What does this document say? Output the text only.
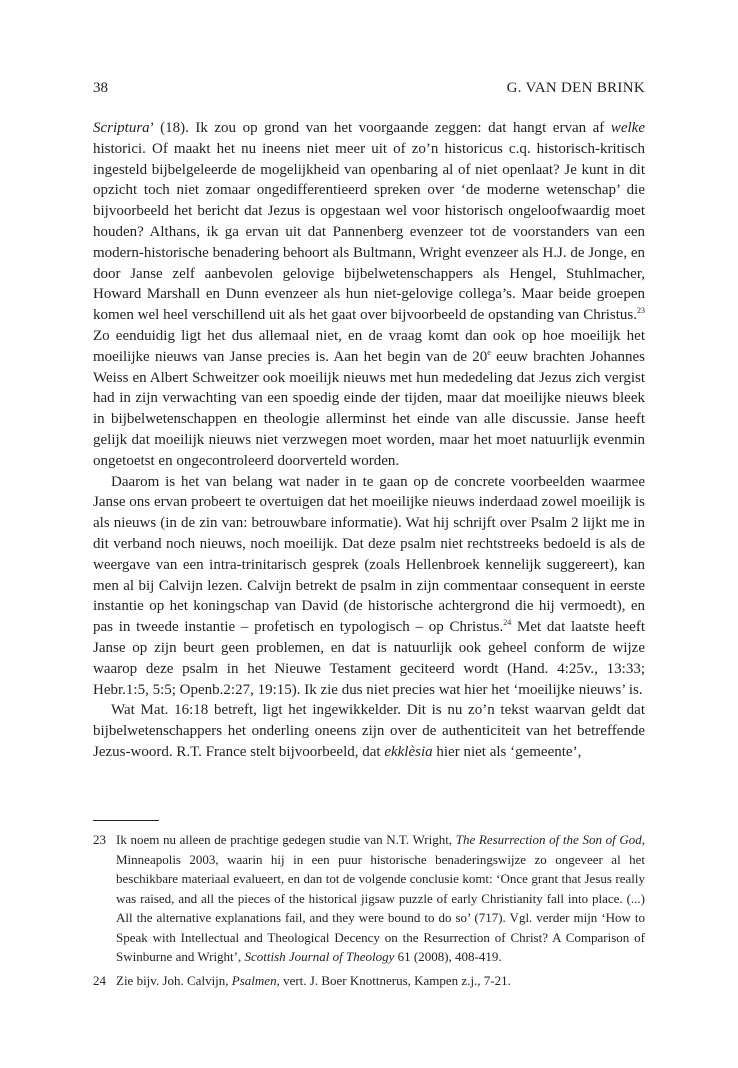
38	G. VAN DEN BRINK

Scriptura’ (18). Ik zou op grond van het voorgaande zeggen: dat hangt ervan af welke historici. Of maakt het nu ineens niet meer uit of zo’n historicus c.q. historisch-kritisch ingesteld bijbelgeleerde de mogelijkheid van openbaring al of niet openlaat? Je kunt in dit opzicht toch niet zomaar ongedifferentieerd spreken over ‘de moderne wetenschap’ die bijvoorbeeld het bericht dat Jezus is opgestaan wel voor historisch ongeloofwaardig moet houden? Althans, ik ga ervan uit dat Pannenberg evenzeer tot de voorstanders van een modern-historische benadering behoort als Bultmann, Wright evenzeer als H.J. de Jonge, en door Janse zelf aanbevolen gelovige bijbelwetenschappers als Hengel, Stuhlmacher, Howard Marshall en Dunn evenzeer als hun niet-gelovige collega’s. Maar beide groepen komen wel heel verschillend uit als het gaat over bijvoorbeeld de opstanding van Christus.$^{23}$ Zo eenduidig ligt het dus allemaal niet, en de vraag komt dan ook op hoe moeilijk het moeilijke nieuws van Janse precies is. Aan het begin van de 20e eeuw brachten Johannes Weiss en Albert Schweitzer ook moeilijk nieuws met hun mededeling dat Jezus zich vergist had in zijn verwachting van een spoedig einde der tijden, maar dat moeilijke nieuws bleek in bijbelwetenschappen en theologie allerminst het einde van alle discussie. Janse heeft gelijk dat moeilijk nieuws niet verzwegen moet worden, maar het moet natuurlijk evenmin ongetoetst en ongecontroleerd doorverteld worden.

Daarom is het van belang wat nader in te gaan op de concrete voorbeelden waarmee Janse ons ervan probeert te overtuigen dat het moeilijke nieuws inderdaad zowel moeilijk is als nieuws (in de zin van: betrouwbare informatie). Wat hij schrijft over Psalm 2 lijkt me in dit verband noch nieuws, noch moeilijk. Dat deze psalm niet rechtstreeks bedoeld is als de weergave van een intra-trinitarisch gesprek (zoals Hellenbroek kennelijk suggereert), kan men al bij Calvijn lezen. Calvijn betrekt de psalm in zijn commentaar consequent in eerste instantie op het koningschap van David (de historische achtergrond die hij vermoedt), en pas in tweede instantie – profetisch en typologisch – op Christus.$^{24}$ Met dat laatste heeft Janse op zijn beurt geen problemen, en dat is natuurlijk ook geheel conform de wijze waarop deze psalm in het Nieuwe Testament geciteerd wordt (Hand. 4:25v., 13:33; Hebr.1:5, 5:5; Openb.2:27, 19:15). Ik zie dus niet precies wat hier het ‘moeilijke nieuws’ is.

Wat Mat. 16:18 betreft, ligt het ingewikkelder. Dit is nu zo’n tekst waarvan geldt dat bijbelwetenschappers het onderling oneens zijn over de authenticiteit van het betreffende Jezus-woord. R.T. France stelt bijvoorbeeld, dat ekklèsia hier niet als ‘gemeente’,

23 Ik noem nu alleen de prachtige gedegen studie van N.T. Wright, The Resurrection of the Son of God, Minneapolis 2003, waarin hij in een puur historische benaderingswijze zo ongeveer al het beschikbare materiaal evalueert, en dan tot de volgende conclusie komt: ‘Once grant that Jesus really was raised, and all the pieces of the historical jigsaw puzzle of early Christianity fall into place. (...) All the alternative explanations fail, and they were bound to do so’ (717). Vgl. verder mijn ‘How to Speak with Intellectual and Theological Decency on the Resurrection of Christ? A Comparison of Swinburne and Wright’, Scottish Journal of Theology 61 (2008), 408-419.
24 Zie bijv. Joh. Calvijn, Psalmen, vert. J. Boer Knottnerus, Kampen z.j., 7-21.
